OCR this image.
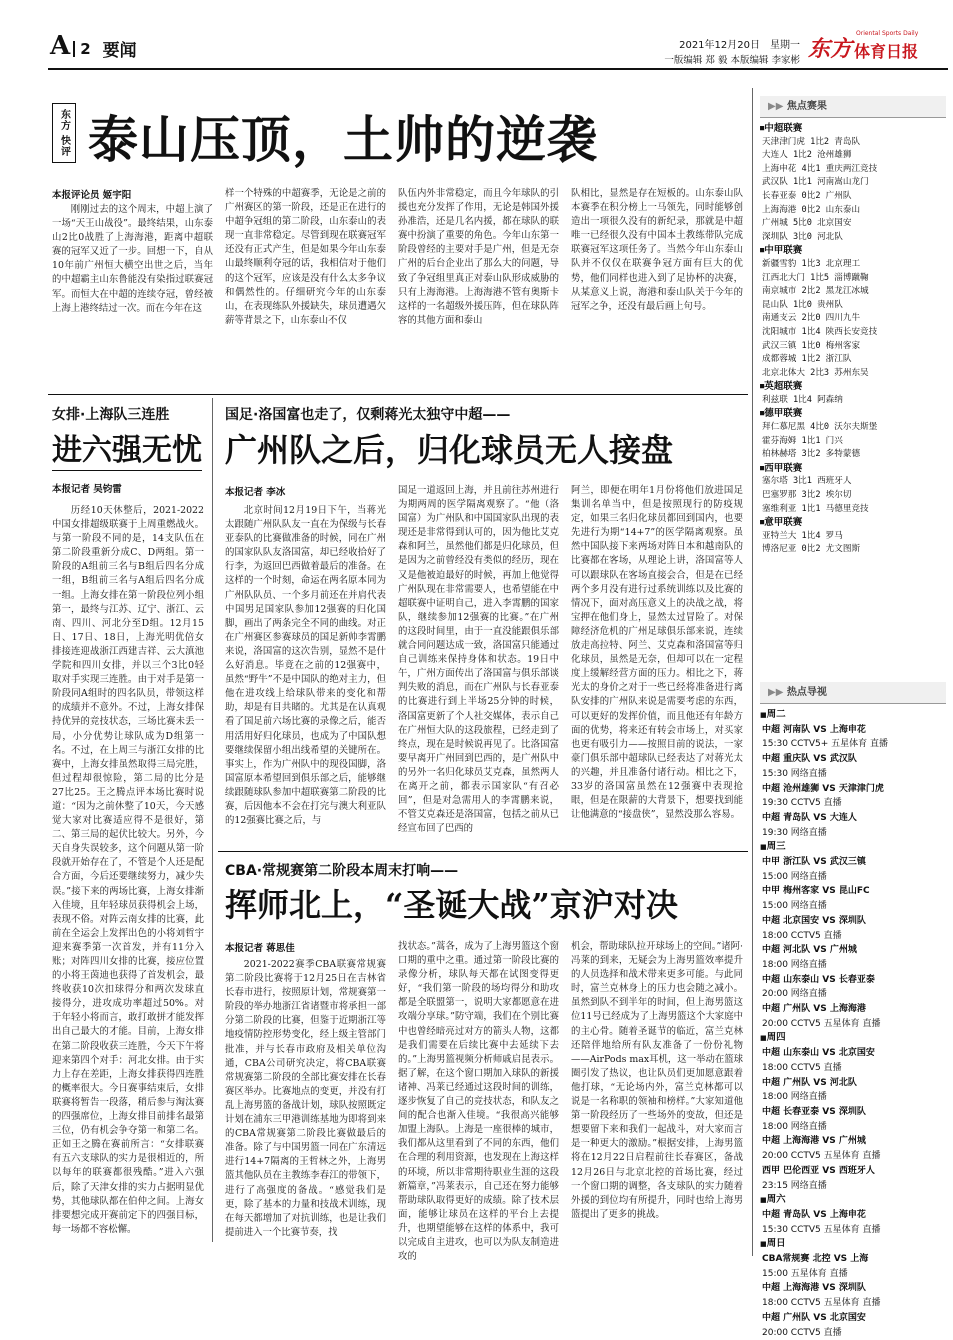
A 2 要闻	2021年12月20日　星期一
一版编辑 郑 毅 本版编辑 李家彬 东方
Oriental Sports Daily
体育日报
东方
快评 泰山压顶，土帅的逆袭
本报评论员 姬宇阳

刚刚过去的这个周末，中超上演了一场“天王山战役”。最终结果，山东泰山2比0战胜了上海海港，距离中超联赛的冠军又近了一步。回想一下，自从10年前广州恒大横空出世之后，当年的中超霸主山东鲁能没有染指过联赛冠军。而恒大在中超的连续夺冠，曾经被上海上港终结过一次。而在今年在这

样一个特殊的中超赛季，无论是之前的广州赛区的第一阶段，还是正在进行的中超争冠组的第二阶段，山东泰山的表现一直非常稳定。尽管到现在联赛冠军还没有正式产生，但是如果今年山东泰山最终顺利夺冠的话，我相信对于他们的这个冠军，应该是没有什么太多争议和偶然性的。仔细研究今年的山东泰山，在表现练队外援缺失，球员遭遇欠薪等背景之下，山东泰山不仅

队伍内外非常稳定，而且今年球队的引援也充分发挥了作用，无论是韩国外援孙准浩，还是几名内援，都在球队的联赛中扮演了重要的角色。今年山东第一阶段曾经的主要对手是广州，但是无奈广州的后台企业出了那么大的问题，导致了争冠组里真正对泰山队形成威胁的只有上海海港。上海海港不管有奥斯卡这样的一名超级外援压阵，但在球队阵容的其他方面和泰山

队相比，显然是存在短板的。山东泰山队本赛季在积分榜上一马领先，同时能够创造出一项很久没有的新纪录，那就是中超唯一已经很久没有中国本土教练带队完成联赛冠军这项任务了。当然今年山东泰山队并不仅仅在联赛争冠方面有巨大的优势，他们同样也进入到了足协杯的决赛，从某意义上说，海港和泰山队关于今年的冠军之争，还没有最后画上句号。

女排·上海队三连胜
进六强无忧
本报记者 吴钧雷

历经10天休整后，2021-2022中国女排超级联赛于上周重燃战火。与第一阶段不同的是，14支队伍在第二阶段重新分成C、D两组。第一阶段的A组前三名与B组后四名分成一组，B组前三名与A组后四名分成一组。上海女排在第一阶段位列小组第一，最终与江苏、辽宁、浙江、云南、四川、河北分至D组。12月15日、17日、18日，上海光明优倍女排接连迎战浙江西建吉祥、云大滇池学院和四川女排，并以三个3比0轻取对手实现三连胜。由于对手是第一阶段同A组时的四名队员，带领这样的成绩并不意外。不过，上海女排保持优异的竞技状态，三场比赛未丢一局，小分优势让球队成为D组第一名。不过，在上周三与浙江女排的比赛中，上海女排虽然取得三局完胜，但过程却很惊险，第二局的比分是27比25。王之腾点评本场比赛时说道：“因为之前休整了10天，今天感觉大家对比赛适应得不是很好，第二、第三局的起伏比较大。另外，今天自身失误较多，这个问题从第一阶段就开始存在了，不管是个人还是配合方面，今后还要继续努力，减少失误。”接下来的两场比赛，上海女排渐入佳境，且年轻球员获得机会上场，表现不俗。对阵云南女排的比赛，此前在全运会上发挥出色的小将刘哲宇迎来赛季第一次首发，并有11分入账；对阵四川女排的比赛，接应位置的小将王茵迪也获得了首发机会，最终收获10次扣球得分和两次发球直接得分，进攻成功率超过50%。对于年轻小将而言，敢打敢拼才能发挥出自己最大的才能。目前，上海女排在第二阶段收获三连胜，今天下午将迎来第四个对手：河北女排。由于实力上存在差距，上海女排获得四连胜的概率很大。今日赛事结束后，女排联赛将暂告一段落，稍后参与淘汰赛的四强席位，上海女排目前排名最第三位，仍有机会争夺第一和第二名。正如王之腾在赛前所言：“女排联赛有五六支球队的实力是很相近的，所以每年的联赛都很残酷。”进入六强后，除了天津女排的实力占据明显优势，其他球队都在伯仲之间。上海女排要想完成开赛前定下的四强目标，每一场都不容松懈。

国足·洛国富也走了，仅剩蒋光太独守中超——
广州队之后，归化球员无人接盘
本报记者 李冰

北京时间12月19日下午，当蒋光太跟随广州队队友一直在为保级与长春亚泰队的比赛做准备的时候，同在广州的国家队队友洛国富，却已经收拾好了行李，为返回巴西做着最后的准备。在这样的一个时刻，命运在两名原本同为广州队队员、一个多月前还在并肩代表中国男足国家队参加12强赛的归化国脚，画出了两条完全不同的曲线。对正在广州赛区参赛球员的国足新帅李霄鹏来说，洛国富的这次告别，显然不是什么好消息。毕竟在之前的12强赛中，虽然“野牛”不是中国队的绝对主力，但他在进攻线上给球队带来的变化和帮助，却是有目共睹的。尤其是在认真观看了国足前六场比赛的录像之后，能否用活用好归化球员，也成为了中国队想要继续保留小组出线希望的关键所在。事实上，作为广州队中的现役国脚，洛国富原本希望回到俱乐部之后，能够继续跟随球队参加中超联赛第二阶段的比赛，后因他本不会在打完与澳大利亚队的12强赛比赛之后，与

国足一道返回上海，并且前往苏州进行为期两周的医学隔离观察了。“他（洛国富）为广州队和中国国家队出现的表现还是非常得到认可的，因为他比艾克森和阿兰，虽然他们都是归化球员，但是因为之前曾经没有类似的经历，现在又是他被迫最好的时候，再加上他觉得广州队现在非常需要人，也希望能在中超联赛中证明自己，进入李霄鹏的国家队，继续参加12强赛的比赛。”在广州的这段时间里，由于一直没能跟俱乐部就合同问题达成一致，洛国富只能通过自己训练来保持身体和状态。19日中午，广州方面传出了洛国富与俱乐部谈判失败的消息，而在广州队与长春亚泰的比赛进行到上半场25分钟的时候，洛国富更新了个人社交媒体，表示自己在广州恒大队的这段旅程，已经走到了终点，现在是时候说再见了。比洛国富要早离开广州回到巴西的，是广州队中的另外一名归化球员艾克森，虽然两人在离开之前，都表示国家队“有召必回”，但是对急需用人的李霄鹏来说，不管艾克森还是洛国富，包括之前从已经宣布回了巴西的

阿兰，即便在明年1月份将他们放进国足集训名单当中，但是按照现行的防疫规定，如果三名归化球员都回到国内，也要先进行为期“14+7”的医学隔离观察。虽然中国队接下来两场对阵日本和越南队的比赛都在客场，从理论上讲，洛国富等人可以跟球队在客场直接会合，但是在已经两个多月没有进行过系统训练以及比赛的情况下，面对高压意义上的决战之战，将宝押在他们身上，显然太过冒险了。对保障经济危机的广州足球俱乐部来说，连续放走高拉特、阿兰、艾克森和洛国富等归化球员，虽然是无奈，但却可以在一定程度上缓解经营方面的压力。相比之下，蒋光太的身价之对于一些已经将准备进行离队安排的广州队来说是需要考虑的东西，可以更好的发挥价值，而且他还有年龄方面的优势，将来还有转会市场上，对买家也更有吸引力——按照目前的说法，一家豪门俱乐部中超球队已经表达了对蒋光太的兴趣，并且准备付诸行动。相比之下，33岁的洛国富虽然在12强赛中表现抢眼，但是在限薪的大背景下，想要找到能让他满意的“接盘侠”，显然没那么容易。

CBA·常规赛第二阶段本周末打响——
挥师北上，“圣诞大战”京沪对决
本报记者 蒋思佳

2021-2022赛季CBA联赛常规赛第二阶段比赛将于12月25日在吉林省长春市进行，按照原计划，常规赛第一阶段的举办地浙江省诸暨市将承担一部分第二阶段的比赛，但鉴于近期浙江等地疫情防控形势变化，经上级主管部门批准，并与长春市政府及相关单位沟通，CBA公司研究决定，将CBA联赛常规赛第二阶段的全部比赛安排在长春赛区举办。比赛地点的变更，并没有打乱上海男篮的备战计划，球队按照既定计划在浦东三甲港训练基地为即将到来的CBA常规赛第二阶段比赛做最后的准备。除了与中国男篮一同在广东清远进行14+7隔离的王哲林之外，上海男篮其他队员在主教练李春江的带领下，进行了高强度的备战。“感觉我们是更，除了基本的力量和技战术训练，现在每天都增加了对抗训练，也是让我们提前进入一个比赛节奏，找

找状态。”蒿各，成为了上海男篮这个窗口期的重中之重。通过第一阶段比赛的录像分析，球队每天都在试图变得更好，“我们第一阶段的场均得分和助攻都是全联盟第一，说明大家都愿意在进攻端分享球。”防守端，我们在个别比赛中也曾经暗亮过对方的箭头人物，这都是我们需要在后续比赛中去延续下去的。”上海男篮视频分析师戚启昆表示。据了解，在这个窗口期加入球队的新援诸神、冯莱已经通过这段时间的训练，逐步恢复了自己的竞技状态，和队友之间的配合也渐入佳境。“我很高兴能够加盟上海队。上海是一座很棒的城市，我们都从这里看到了不同的东西，他们在合理的利用资源，也发现在上海这样的环境，所以非常期待职业生涯的这段新篇章，”冯莱表示，自己还在努力能够帮助球队取得更好的成绩。除了技术层面，能够让球员在这样的平台上去提升，也期望能够在这样的体系中，我可以完成自主进攻，也可以为队友制造进攻的

机会，帮助球队拉开球场上的空间。”诸阿·冯莱的到来，无疑会为上海男篮效率提升的人员选择和战术带来更多可能。与此同时，富兰克林身上的压力也会随之减小。虽然到队不到半年的时间，但上海男篮这位11号已经成为了上海男篮这个大家庭中的主心骨。随着圣诞节的临近，富兰克林还陪伴地给所有队友准备了一份份礼物——AirPods max耳机，这一举动在篮球圈引发了热议，也让队员们更加愿意跟着他打球，“无论场内外，富兰克林都可以说是一名称职的领袖和榜样。”大家知道他第一阶段经历了一些场外的变故，但还是想要留下来和我们一起战斗，对大家而言是一种更大的激励。”根据安排，上海男篮将在12月22日启程前往长春赛区，备战12月26日与北京北控的首场比赛，经过一个窗口期的调整，各支球队的实力随着外援的到位均有所提升，同时也给上海男篮提出了更多的挑战。

▶▶ 焦点赛果
■ 中超联赛
天津津门虎 1比2 青岛队
大连人 1比2 沧州雄狮
上海申花 4比1 重庆两江竞技
武汉队 1比1 河南嵩山龙门
长春亚泰 0比2 广州队
上海海港 0比2 山东泰山
广州城 5比0 北京国安
深圳队 3比0 河北队
■ 中甲联赛
新疆雪豹 1比3 北京理工
江西北大门 1比5 淄博蹴鞠
南京城市 2比2 黑龙江冰城
昆山队 1比0 贵州队
南通支云 2比0 四川九牛
沈阳城市 1比4 陕西长安竞技
武汉三镇 1比0 梅州客家
成都蓉城 1比2 浙江队
北京北体大 2比3 苏州东吴
■ 英超联赛
利兹联 1比4 阿森纳
■ 德甲联赛
拜仁慕尼黑 4比0 沃尔夫斯堡
霍芬海姆 1比1 门兴
柏林赫塔 3比2 多特蒙德
■ 西甲联赛
塞尔塔 3比1 西班牙人
巴塞罗那 3比2 埃尔切
塞维利亚 1比1 马德里竞技
■ 意甲联赛
亚特兰大 1比4 罗马
博洛尼亚 0比2 尤文图斯
▶▶ 热点导视
■ 周二
中超 河南队 VS 上海申花
15:30 CCTV5+ 五星体育 直播
中超 重庆队 VS 武汉队
15:30 网络直播
中超 沧州雄狮 VS 天津津门虎
19:30 CCTV5 直播
中超 青岛队 VS 大连人
19:30 网络直播
■ 周三
中甲 浙江队 VS 武汉三镇
15:00 网络直播
中甲 梅州客家 VS 昆山FC
15:00 网络直播
中超 北京国安 VS 深圳队
18:00 CCTV5 直播
中超 河北队 VS 广州城
18:00 网络直播
中超 山东泰山 VS 长春亚泰
20:00 网络直播
中超 广州队 VS 上海海港
20:00 CCTV5 五星体育 直播
■ 周四
中超 山东泰山 VS 北京国安
18:00 CCTV5 直播
中超 广州队 VS 河北队
18:00 网络直播
中超 长春亚泰 VS 深圳队
18:00 网络直播
中超 上海海港 VS 广州城
20:00 CCTV5 五星体育 直播
西甲 巴伦西亚 VS 西班牙人
23:15 网络直播
■ 周六
中超 青岛队 VS 上海申花
15:30 CCTV5 五星体育 直播
■ 周日
CBA常规赛 北控 VS 上海
15:00 五星体育 直播
中超 上海海港 VS 深圳队
18:00 CCTV5 五星体育 直播
中超 广州队 VS 北京国安
20:00 CCTV5 直播
